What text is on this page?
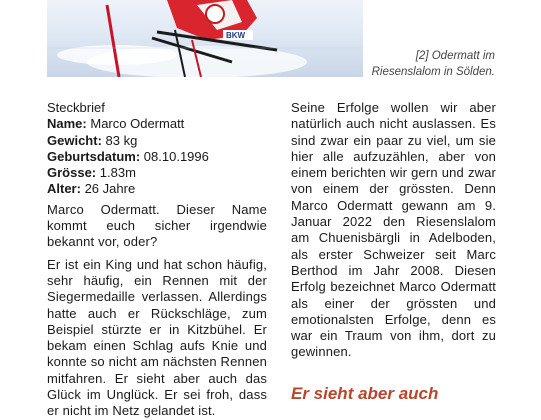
BKW
[2] Odermatt im Riesenslalom in Sölden.
Steckbrief
Name: Marco Odermatt
Gewicht: 83 kg
Geburtsdatum: 08.10.1996
Grösse: 1.83m
Alter: 26 Jahre

Marco Odermatt. Dieser Name kommt euch sicher irgendwie bekannt vor, oder?

Er ist ein King und hat schon häufig, sehr häufig, ein Rennen mit der Siegermedaille verlassen. Allerdings hatte auch er Rückschläge, zum Beispiel stürzte er in Kitzbühel. Er bekam einen Schlag aufs Knie und konnte so nicht am nächsten Rennen mitfahren. Er sieht aber auch das Glück im Unglück. Er sei froh, dass er nicht im Netz gelandet ist.

Seine Erfolge wollen wir aber natürlich auch nicht auslassen. Es sind zwar ein paar zu viel, um sie hier alle aufzuzählen, aber von einem berichten wir gern und zwar von einem der grössten. Denn Marco Odermatt gewann am 9. Januar 2022 den Riesenslalom am Chuenisbärgli in Adelboden, als erster Schweizer seit Marc Berthod im Jahr 2008. Diesen Erfolg bezeichnet Marco Odermatt als einer der grössten und emotionalsten Erfolge, denn es war ein Traum von ihm, dort zu gewinnen.

Er sieht aber auch
